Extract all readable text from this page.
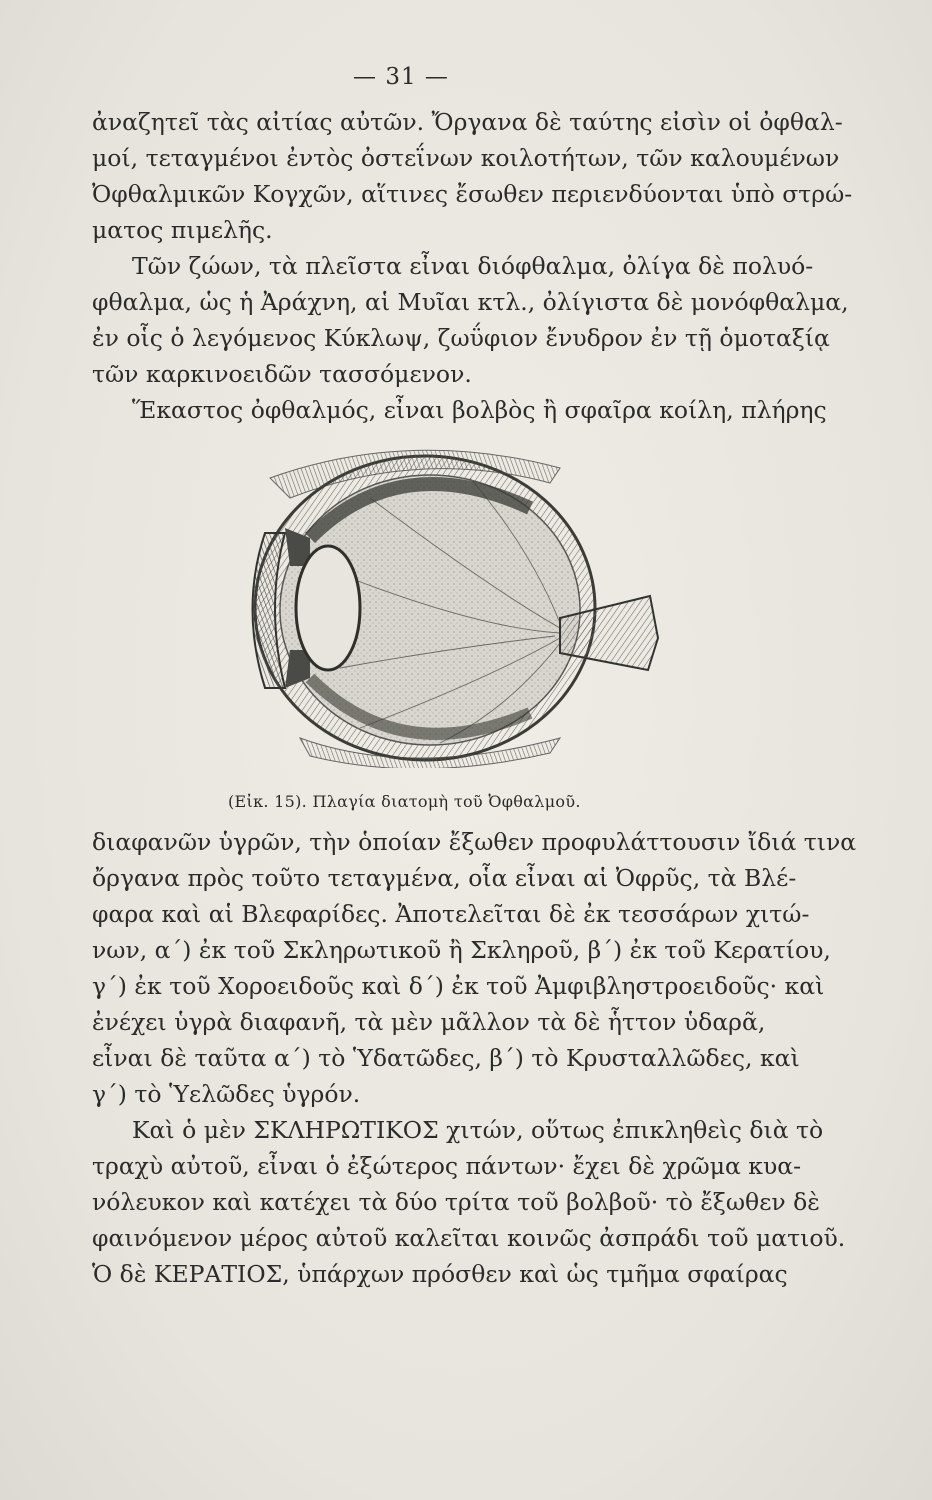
— 31 —
ἀναζητεῖ τὰς αἰτίας αὐτῶν. Ὄργανα δὲ ταύτης εἰσὶν οἱ ὀφθαλ-
μοί, τεταγμένοι ἐντὸς ὀστεΐνων κοιλοτήτων, τῶν καλουμένων
Ὀφθαλμικῶν Κογχῶν, αἵτινες ἔσωθεν περιενδύονται ὑπὸ στρώ-
ματος πιμελῆς.
Τῶν ζώων, τὰ πλεῖστα εἶναι διόφθαλμα, ὀλίγα δὲ πολυό-
φθαλμα, ὡς ἡ Ἀράχνη, αἱ Μυῖαι κτλ., ὀλίγιστα δὲ μονόφθαλμα,
ἐν οἷς ὁ λεγόμενος Κύκλωψ, ζωΰφιον ἔνυδρον ἐν τῇ ὁμοταξίᾳ
τῶν καρκινοειδῶν τασσόμενον.
Ἕκαστος ὀφθαλμός, εἶναι βολβὸς ἢ σφαῖρα κοίλη, πλήρης
(Εἰκ. 15). Πλαγία διατομὴ τοῦ Ὀφθαλμοῦ.
διαφανῶν ὑγρῶν, τὴν ὁποίαν ἔξωθεν προφυλάττουσιν ἴδιά τινα
ὄργανα πρὸς τοῦτο τεταγμένα, οἷα εἶναι αἱ Ὀφρῦς, τὰ Βλέ-
φαρα καὶ αἱ Βλεφαρίδες. Ἀποτελεῖται δὲ ἐκ τεσσάρων χιτώ-
νων, α΄) ἐκ τοῦ Σκληρωτικοῦ ἢ Σκληροῦ, β΄) ἐκ τοῦ Κερατίου,
γ΄) ἐκ τοῦ Χοροειδοῦς καὶ δ΄) ἐκ τοῦ Ἀμφιβληστροειδοῦς· καὶ
ἐνέχει ὑγρὰ διαφανῆ, τὰ μὲν μᾶλλον τὰ δὲ ἧττον ὑδαρᾶ,
εἶναι δὲ ταῦτα α΄) τὸ Ὑδατῶδες, β΄) τὸ Κρυσταλλῶδες, καὶ
γ΄) τὸ Ὑελῶδες ὑγρόν.
Καὶ ὁ μὲν ΣΚΛΗΡΩΤΙΚΟΣ χιτών, οὕτως ἐπικληθεὶς διὰ τὸ
τραχὺ αὐτοῦ, εἶναι ὁ ἐξώτερος πάντων· ἔχει δὲ χρῶμα κυα-
νόλευκον καὶ κατέχει τὰ δύο τρίτα τοῦ βολβοῦ· τὸ ἔξωθεν δὲ
φαινόμενον μέρος αὐτοῦ καλεῖται κοινῶς ἀσπράδι τοῦ ματιοῦ.
Ὁ δὲ ΚΕΡΑΤΙΟΣ, ὑπάρχων πρόσθεν καὶ ὡς τμῆμα σφαίρας
